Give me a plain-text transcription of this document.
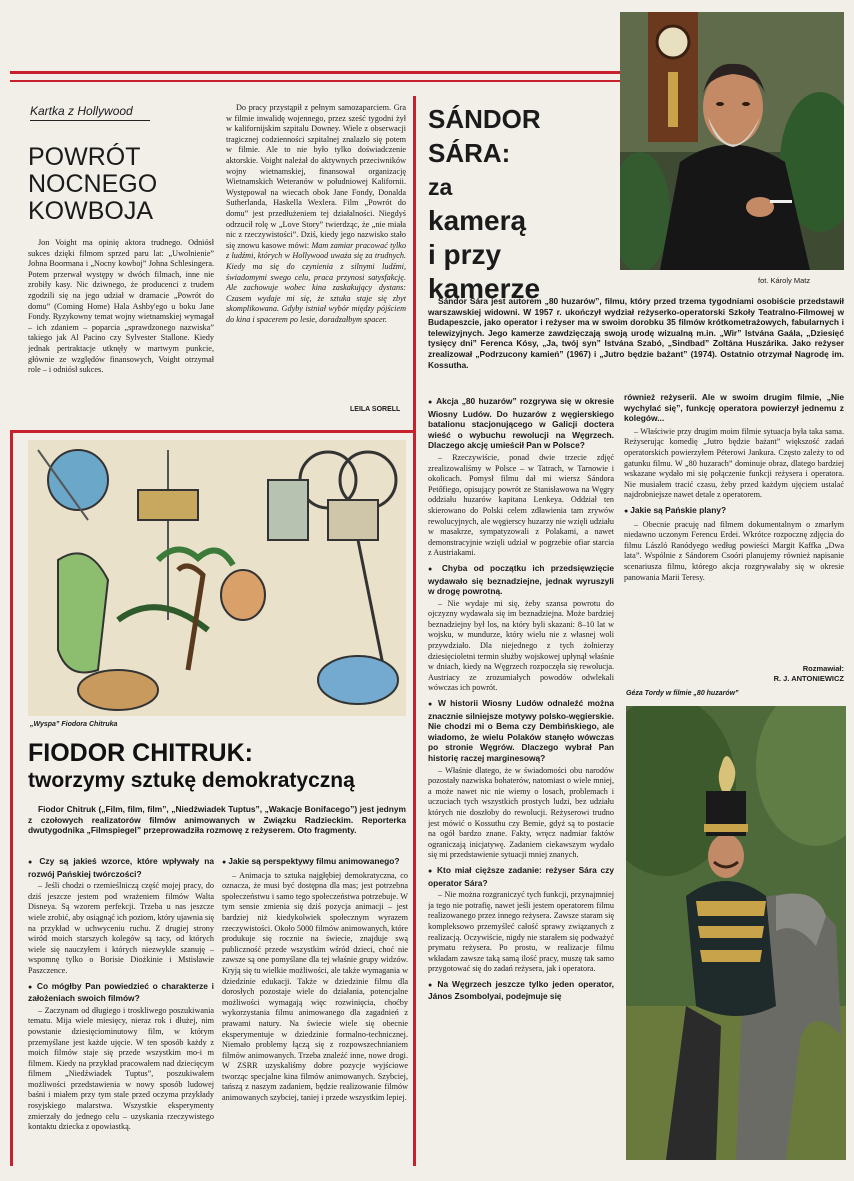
Kartka z Hollywood
POWRÓT
NOCNEGO
KOWBOJA

Jon Voight ma opinię aktora trudnego. Odniósł sukces dzięki filmom sprzed paru lat: „Uwolnienie” Johna Boormana i „Nocny kowboj” Johna Schlesingera. Potem przerwał występy w dwóch filmach, inne nie zrobiły kasy. Nic dziwnego, że producenci z trudem zgodzili się na jego udział w dramacie „Powrót do domu” (Coming Home) Hala Ashby'ego u boku Jane Fondy. Ryzykowny temat wojny wietnamskiej wymagał – ich zdaniem – poparcia „sprawdzonego nazwiska” takiego jak Al Pacino czy Sylvester Stallone. Kiedy jednak pertraktacje utknęły w martwym punkcie, głównie ze względów finansowych, Voight otrzymał role – i odniósł sukces.

Do pracy przystąpił z pełnym samozaparciem. Gra w filmie inwalidę wojennego, przez sześć tygodni żył w kalifornijskim szpitalu Downey. Wiele z obserwacji tragicznej codzienności szpitalnej znalazło się potem w filmie. Ale to nie było tylko doświadczenie aktorskie. Voight należał do aktywnych przeciwników wojny wietnamskiej, finansował organizację Wietnamskich Weteranów w południowej Kalifornii. Występował na wiecach obok Jane Fondy, Donalda Sutherlanda, Haskella Wexlera. Film „Powrót do domu” jest przedłużeniem tej działalności. Niegdyś odrzucił rolę w „Love Story” twierdząc, że „nie miała nic z rzeczywistości”. Dziś, kiedy jego nazwisko stało się znowu kasowe mówi: Mam zamiar pracować tylko z ludźmi, których w Hollywood uważa się za trudnych. Kiedy ma się do czynienia z silnymi ludźmi, świadomymi swego celu, praca przynosi satysfakcję. Ale zachowuje wobec kina zaskakujący dystans: Czasem wydaje mi się, że sztuka staje się zbyt skomplikowana. Gdyby istniał wybór między pójściem do kina i spacerem po lesie, doradzałbym spacer.

LEILA SORELL
SÁNDOR SÁRA:
za
kamerą
i przy
kamerze	fot. Károly Matz

Sándor Sára jest autorem „80 huzarów”, filmu, który przed trzema tygodniami osobiście przedstawił warszawskiej widowni. W 1957 r. ukończył wydział reżyserko-operatorski Szkoły Teatralno-Filmowej w Budapeszcie, jako operator i reżyser ma w swoim dorobku 35 filmów krótkometrażowych, fabularnych i telewizyjnych. Jego kamerze zawdzięczają swoją urodę wizualną m.in. „Wir” Istvána Gaála, „Dziesięć tysięcy dni” Ferenca Kósy, „Ja, twój syn” Istvána Szabó, „Sindbad” Zoltána Huszárika. Jako reżyser zrealizował „Podrzucony kamień” (1967) i „Jutro będzie bażant” (1974). Ostatnio otrzymał Nagrodę im. Kossutha.

● Akcja „80 huzarów” rozgrywa się w okresie Wiosny Ludów. Do huzarów z węgierskiego batalionu stacjonującego w Galicji doctera wieść o wybuchu rewolucji na Węgrzech. Dlaczego akcję umieścił Pan w Polsce?

– Rzeczywiście, ponad dwie trzecie zdjęć zrealizowaliśmy w Polsce – w Tatrach, w Tarnowie i okolicach. Pomysł filmu dał mi wiersz Sándora Petőfiego, opisujący powrót ze Stanisławowa na Węgry oddziału huzarów kapitana Lenkeya. Oddział ten skierowano do Polski celem zdławienia tam zrywów rewolucyjnych, ale węgierscy huzarzy nie wzięli udziału w masakrze, sympatyzowali z Polakami, a nawet demonstracyjnie wzięli udział w pogrzebie ofiar starcia z Austriakami.

● Chyba od początku ich przedsięwzięcie wydawało się beznadziejne, jednak wyruszyli w drogę powrotną.

– Nie wydaje mi się, żeby szansa powrotu do ojczyzny wydawała się im beznadziejna. Może bardziej beznadziejny był los, na który byli skazani: 8–10 lat w wojsku, w mundurze, który wielu nie z własnej woli przywdziało. Dla niejednego z tych żołnierzy dziesięcioletni termin służby wojskowej upłynął właśnie w dniach, kiedy na Węgrzech rozpoczęła się rewolucja. Austriacy ze zrozumiałych powodów odwlekali wówczas ich powrót.

● W historii Wiosny Ludów odnaleźć można znacznie silniejsze motywy polsko-węgierskie. Nie chodzi mi o Bema czy Dembińskiego, ale wiadomo, że wielu Polaków stanęło wówczas po stronie Węgrów. Dlaczego wybrał Pan historię raczej marginesową?

– Właśnie dlatego, że w świadomości obu narodów pozostały nazwiska bohaterów, natomiast o wiele mniej, a może nawet nic nie wiemy o losach, problemach i uczuciach tych wszystkich prostych ludzi, bez udziału których nie doszłoby do rewolucji. Reżyserowi trudno jest mówić o Kossuthu czy Bemie, gdyż są to postacie na ogół bardzo znane. Fakty, wręcz nadmiar faktów ograniczają inicjatywę. Zadaniem ciekawszym wydało się mi przedstawienie sytuacji mniej znanych.

● Kto miał cięższe zadanie: reżyser Sára czy operator Sára?

– Nie można rozgraniczyć tych funkcji, przynajmniej ja tego nie potrafię, nawet jeśli jestem operatorem filmu realizowanego przez innego reżysera. Zawsze staram się kompleksowo przemyśleć całość sprawy związanych z realizacją. Oczywiście, nigdy nie starałem się podważyć prymatu reżysera. Po prostu, w realizacje filmu wkładam zawsze taką samą ilość pracy, muszę tak samo przygotować się do zadań reżysera, jak i operatora.

● Na Węgrzech jeszcze tylko jeden operator, János Zsombolyai, podejmuje się
również reżyserii. Ale w swoim drugim filmie, „Nie wychylać się”, funkcję operatora powierzył jednemu z kolegów...

– Właściwie przy drugim moim filmie sytuacja była taka sama. Reżyserując komedię „Jutro będzie bażant” większość zadań operatorskich powierzyłem Péterowi Jankura. Często zależy to od gatunku filmu. W „80 huzarach” dominuje obraz, dlatego bardziej wskazane wydało mi się połączenie funkcji reżysera i operatora. Nie musiałem tracić czasu, żeby przed każdym ujęciem ustalać najdrobniejsze nawet detale z operatorem.

● Jakie są Pańskie plany?

– Obecnie pracuję nad filmem dokumentalnym o zmarłym niedawno uczonym Ferencu Erdei. Wkrótce rozpocznę zdjęcia do filmu László Ranódyego według powieści Margit Kaffka „Dwa lata”. Wspólnie z Sándorem Csoóri planujemy również napisanie scenariusza filmu, którego akcja rozgrywałaby się w okresie panowania Marii Teresy.

Rozmawiał:
R. J. ANTONIEWICZ
Géza Tordy w filmie „80 huzarów”
„Wyspa” Fiodora Chitruka
FIODOR CHITRUK:
tworzymy sztukę demokratyczną

Fiodor Chitruk („Film, film, film”, „Niedźwiadek Tuptus”, „Wakacje Bonifacego”) jest jednym z czołowych realizatorów filmów animowanych w Związku Radzieckim. Reporterka dwutygodnika „Filmspiegel” przeprowadziła rozmowę z reżyserem. Oto fragmenty.

● Czy są jakieś wzorce, które wpływały na rozwój Pańskiej twórczości?

– Jeśli chodzi o rzemieślniczą część mojej pracy, do dziś jeszcze jestem pod wrażeniem filmów Walta Disneya. Są wzorem perfekcji. Trzeba u nas jeszcze wiele zrobić, aby osiągnąć ich poziom, który ujawnia się na przykład w uchwyceniu ruchu. Z drugiej strony wiród moich starszych kolegów są tacy, od których wiele się nauczyłem i których niezwykle szanuję – wspomnę tylko o Borisie Diożkinie i Mstisławie Paszczence.

● Co mógłby Pan powiedzieć o charakterze i założeniach swoich filmów?

– Zaczynam od długiego i troskliwego poszukiwania tematu. Mija wiele miesięcy, nieraz rok i dłużej, nim powstanie dziesięciominutowy film, w którym przemyślane jest każde ujęcie. W ten sposób każdy z moich filmów staje się przede wszystkim mo-i m filmem. Kiedy na przykład pracowałem nad dziecięcym filmem „Niedźwiadek Tuptus”, poszukiwałem możliwości przedstawienia w nowy sposób ludowej baśni i miałem przy tym stale przed oczyma przykłady rosyjskiego malarstwa. Wszystkie eksperymenty zmierzały do jednego celu – uzyskania rzeczywistego kontaktu dziecka z opowiastką.

● Jakie są perspektywy filmu animowanego?

– Animacja to sztuka najgłębiej demokratyczna, co oznacza, że musi być dostępna dla mas; jest potrzebna społeczeństwu i samo tego społeczeństwa potrzebuje. W tym sensie zmienia się dziś pozycja animacji – jest bardziej niż kiedykolwiek społecznym wyrazem rzeczywistości. Około 5000 filmów animowanych, które produkuje się rocznie na świecie, znajduje swą publiczność przede wszystkim wśród dzieci, choć nie zawsze są one pomyślane dla tej właśnie grupy widzów. Kryją się tu wielkie możliwości, ale także wymagania w dziedzinie edukacji. Także w dziedzinie filmu dla dorosłych pozostaje wiele do działania, potencjalne możliwości wymagają więc rozwinięcia, choćby wykorzystania filmu animowanego dla zagadnień z prawami natury. Na świecie wiele się obecnie eksperymentuje w dziedzinie formalno-technicznej. Niemało problemy łączą się z rozpowszechnianiem filmów animowanych. Trzeba znaleźć inne, nowe drogi. W ZSRR uzyskaliśmy dobre pozycje wyjściowe tworząc specjalne kina filmów animowanych. Szybciej, tańszą z naszym zadaniem, będzie realizowanie filmów animowanych szybciej, taniej i przede wszystkim lepiej.
